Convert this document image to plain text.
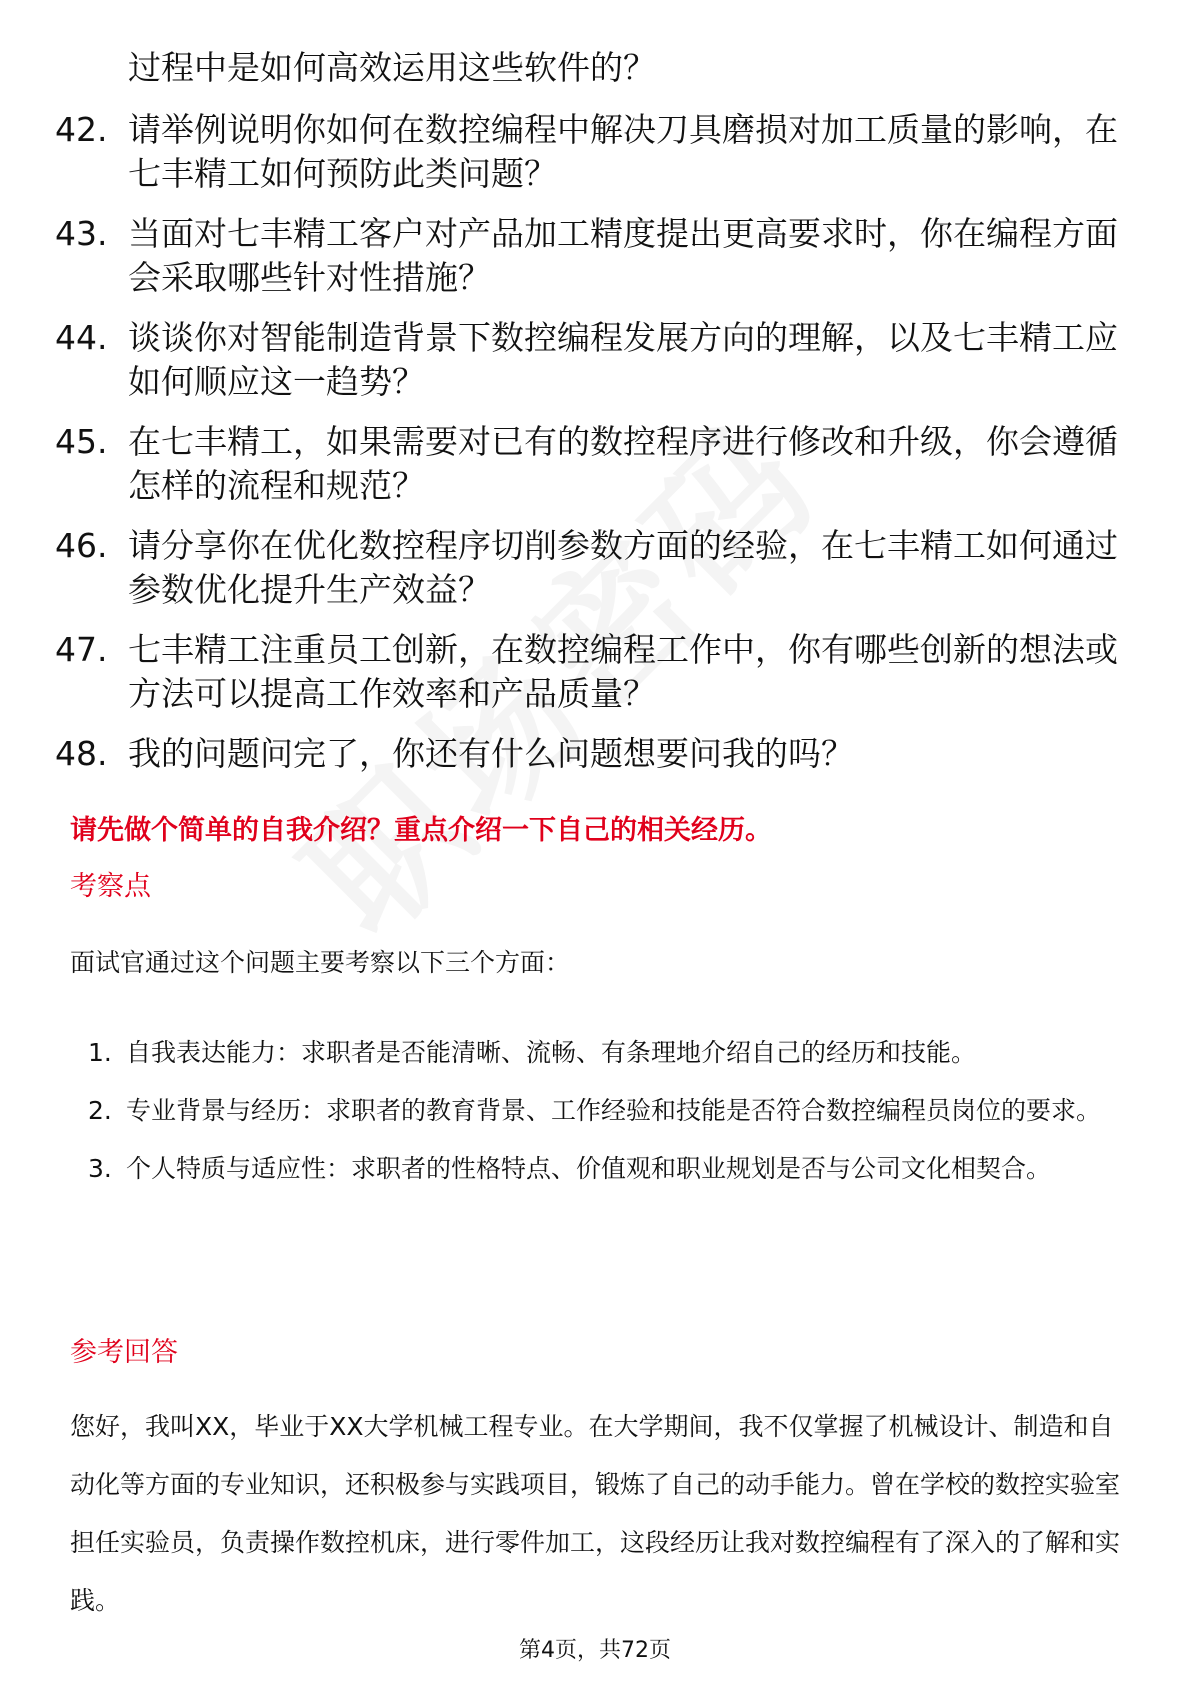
过程中是如何高效运用这些软件的？
42. 请举例说明你如何在数控编程中解决刀具磨损对加工质量的影响，在七丰精工如何预防此类问题？
43. 当面对七丰精工客户对产品加工精度提出更高要求时，你在编程方面会采取哪些针对性措施？
44. 谈谈你对智能制造背景下数控编程发展方向的理解，以及七丰精工应如何顺应这一趋势？
45. 在七丰精工，如果需要对已有的数控程序进行修改和升级，你会遵循怎样的流程和规范？
46. 请分享你在优化数控程序切削参数方面的经验，在七丰精工如何通过参数优化提升生产效益？
47. 七丰精工注重员工创新，在数控编程工作中，你有哪些创新的想法或方法可以提高工作效率和产品质量？
48. 我的问题问完了，你还有什么问题想要问我的吗？
请先做个简单的自我介绍？重点介绍一下自己的相关经历。
考察点
面试官通过这个问题主要考察以下三个方面：
1. 自我表达能力：求职者是否能清晰、流畅、有条理地介绍自己的经历和技能。
2. 专业背景与经历：求职者的教育背景、工作经验和技能是否符合数控编程员岗位的要求。
3. 个人特质与适应性：求职者的性格特点、价值观和职业规划是否与公司文化相契合。
参考回答
您好，我叫XX，毕业于XX大学机械工程专业。在大学期间，我不仅掌握了机械设计、制造和自动化等方面的专业知识，还积极参与实践项目，锻炼了自己的动手能力。曾在学校的数控实验室担任实验员，负责操作数控机床，进行零件加工，这段经历让我对数控编程有了深入的了解和实践。
第4页，共72页
